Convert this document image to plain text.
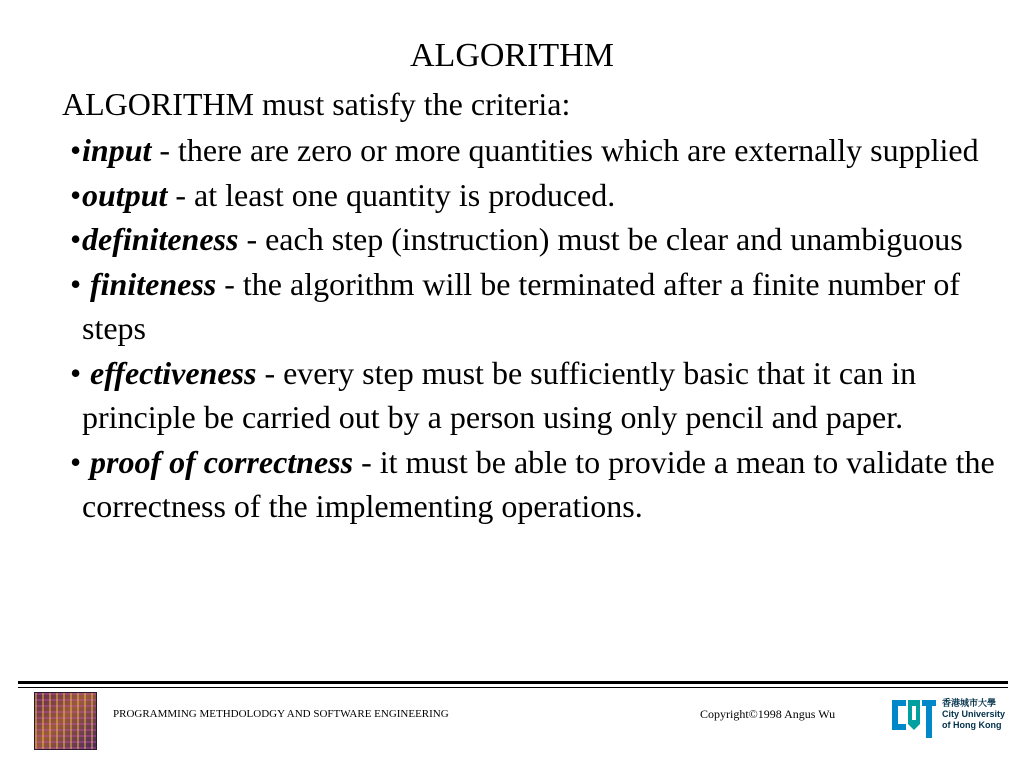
ALGORITHM
ALGORITHM must satisfy the criteria:
• input - there are zero or more quantities which are externally supplied
• output - at least one quantity is produced.
• definiteness - each step (instruction) must be clear and unambiguous
• finiteness - the algorithm will be terminated after a finite number of steps
• effectiveness - every step must be sufficiently basic that it can in principle be carried out by a person using only pencil and paper.
• proof of correctness - it must be able to provide a mean to validate the correctness of the implementing operations.
PROGRAMMING METHDOLODGY AND SOFTWARE ENGINEERING	Copyright©1998 Angus Wu
香港城市大學
City University
of Hong Kong
